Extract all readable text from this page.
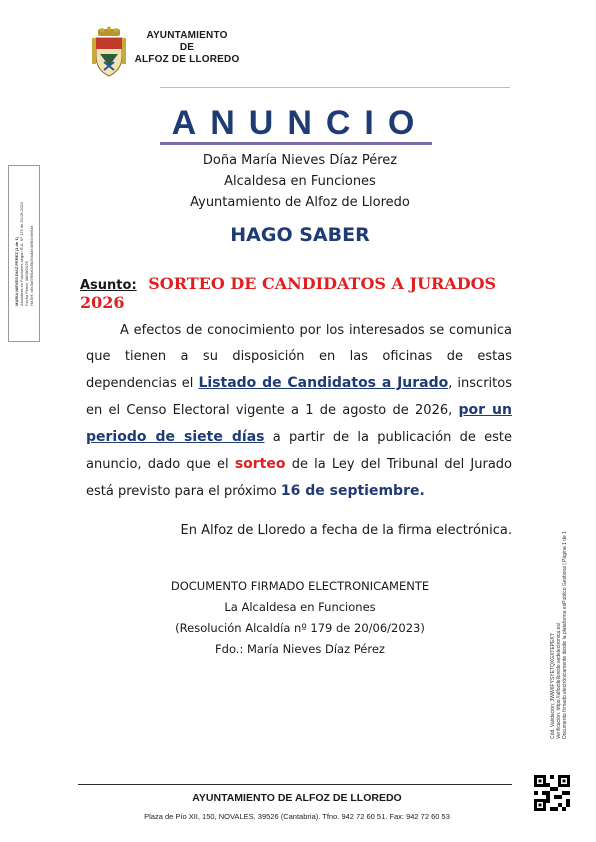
AYUNTAMIENTO
DE
ALFOZ DE LLOREDO
ANUNCIO
Doña María Nieves Díaz Pérez
Alcaldesa en Funciones
Ayuntamiento de Alfoz de Lloredo
HAGO SABER
Asunto: SORTEO DE CANDIDATOS A JURADOS 2026
A efectos de conocimiento por los interesados se comunica que tienen a su disposición en las oficinas de estas dependencias el Listado de Candidatos a Jurado, inscritos en el Censo Electoral vigente a 1 de agosto de 2026, por un periodo de siete días a partir de la publicación de este anuncio, dado que el sorteo de la Ley del Tribunal del Jurado está previsto para el próximo 16 de septiembre.
En Alfoz de Lloredo a fecha de la firma electrónica.
DOCUMENTO FIRMADO ELECTRONICAMENTE
La Alcaldesa en Funciones
(Resolución Alcaldía nº 179 de 20/06/2023)
Fdo.: María Nieves Díaz Pérez
MARIA NIEVES DIAZ PEREZ (1 de 1) Alcaldesa en Funciones según R.A. Nº 179 de 20-06-2023 Fecha Firma: 08/08/2026 HASH: a6c3af7f95a0c5b26ad3e4b9f2c6e54e
Cód. Validación: 3WW6FYSYETQXGXTEPEKT Verificación: https://alfozdelloredo.sedelectronica.es/ Documento firmado electrónicamente desde la plataforma esPublico Gestiona | Página 1 de 1
AYUNTAMIENTO DE ALFOZ DE LLOREDO
Plaza de Pío XII, 150, NOVALES. 39526 (Cantabria). Tfno. 942 72 60 51. Fax: 942 72 60 53
